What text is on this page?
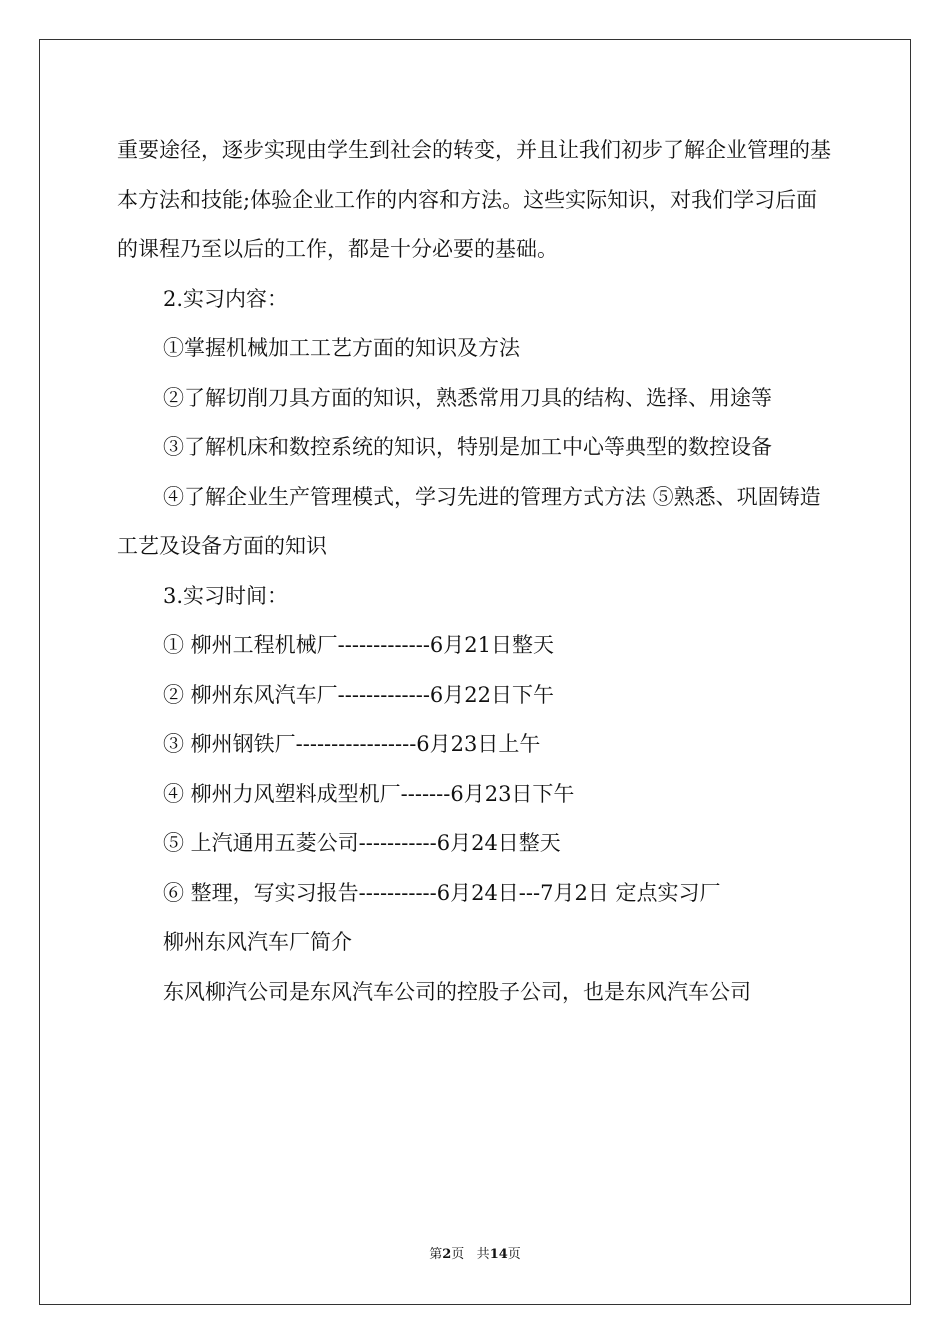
重要途径，逐步实现由学生到社会的转变，并且让我们初步了解企业管理的基本方法和技能;体验企业工作的内容和方法。这些实际知识，对我们学习后面的课程乃至以后的工作，都是十分必要的基础。

2.实习内容：

①掌握机械加工工艺方面的知识及方法

②了解切削刀具方面的知识，熟悉常用刀具的结构、选择、用途等

③了解机床和数控系统的知识，特别是加工中心等典型的数控设备

④了解企业生产管理模式，学习先进的管理方式方法 ⑤熟悉、巩固铸造工艺及设备方面的知识

3.实习时间：

① 柳州工程机械厂-------------6月21日整天

② 柳州东风汽车厂-------------6月22日下午

③ 柳州钢铁厂-----------------6月23日上午

④ 柳州力风塑料成型机厂-------6月23日下午

⑤ 上汽通用五菱公司-----------6月24日整天

⑥ 整理，写实习报告-----------6月24日---7月2日 定点实习厂

柳州东风汽车厂简介

东风柳汽公司是东风汽车公司的控股子公司，也是东风汽车公司

第2页 共14页
